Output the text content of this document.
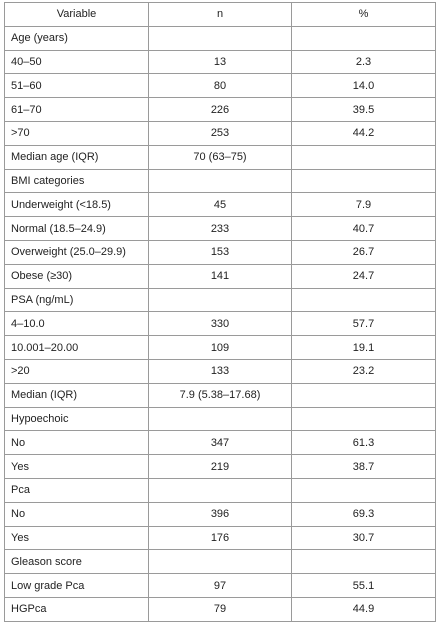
Variable	n	%
Age (years)		
40–50	13	2.3
51–60	80	14.0
61–70	226	39.5
>70	253	44.2
Median age (IQR)	70 (63–75)	
BMI categories		
Underweight (<18.5)	45	7.9
Normal (18.5–24.9)	233	40.7
Overweight (25.0–29.9)	153	26.7
Obese (≥30)	141	24.7
PSA (ng/mL)		
4–10.0	330	57.7
10.001–20.00	109	19.1
>20	133	23.2
Median (IQR)	7.9 (5.38–17.68)	
Hypoechoic		
No	347	61.3
Yes	219	38.7
Pca		
No	396	69.3
Yes	176	30.7
Gleason score		
Low grade Pca	97	55.1
HGPca	79	44.9
